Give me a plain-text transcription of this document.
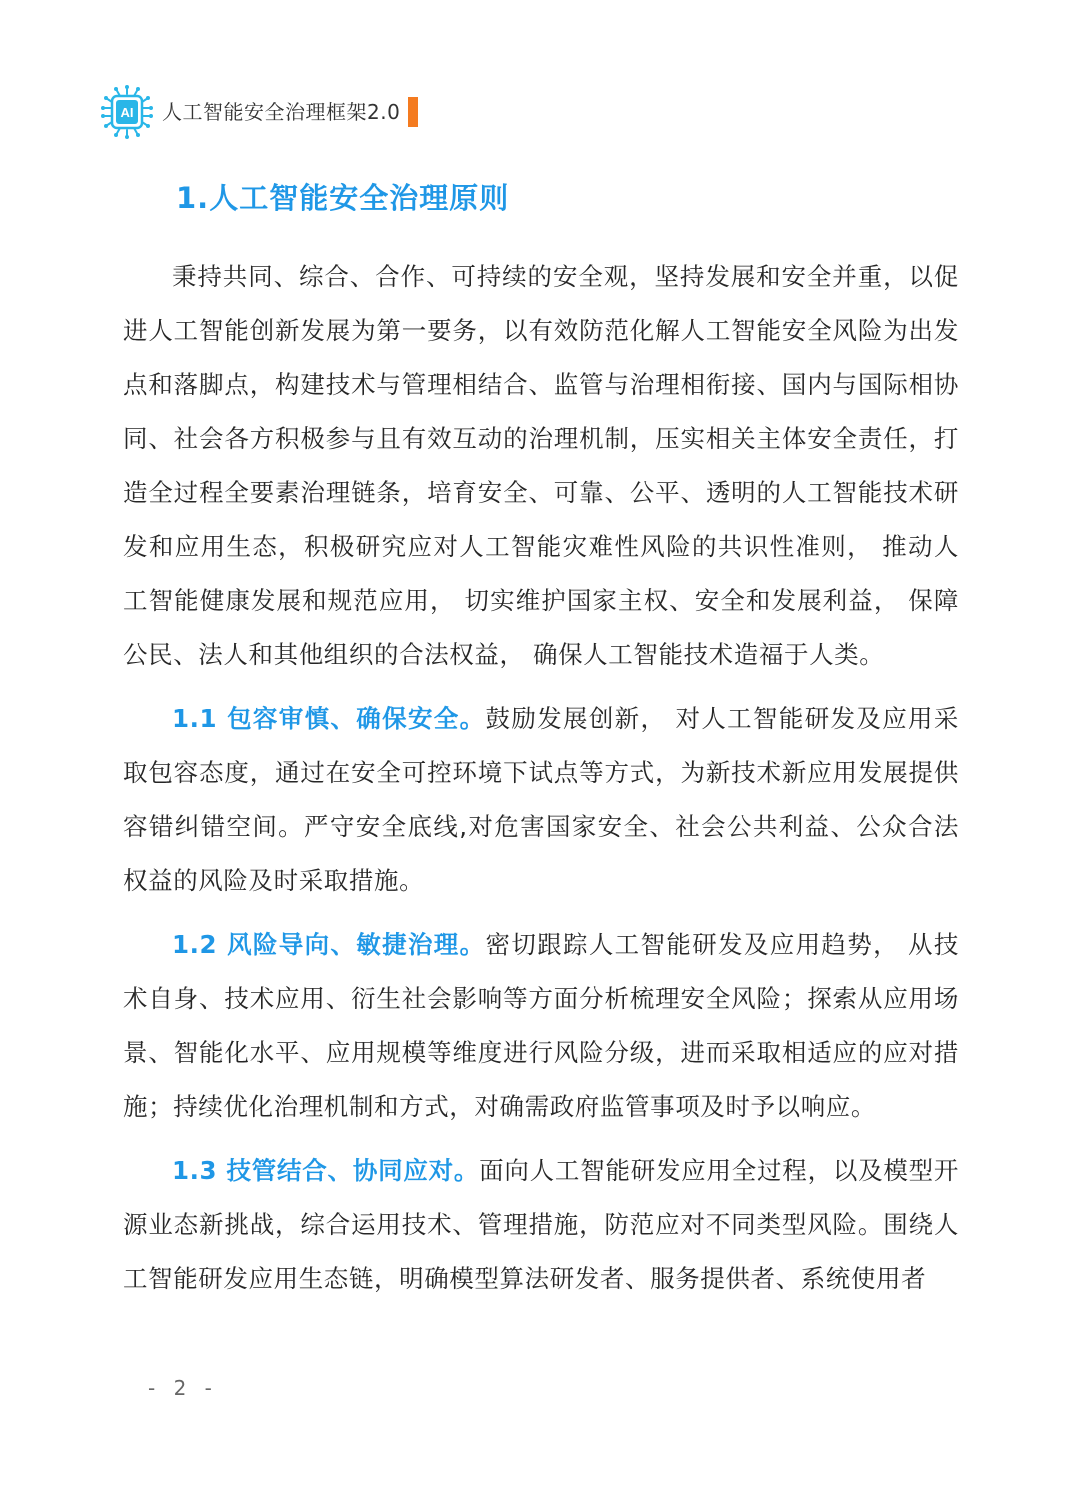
AI 人工智能安全治理框架2.0
1.人工智能安全治理原则

秉持共同、综合、合作、可持续的安全观，坚持发展和安全并重，以促进人工智能创新发展为第一要务，以有效防范化解人工智能安全风险为出发点和落脚点，构建技术与管理相结合、监管与治理相衔接、国内与国际相协同、社会各方积极参与且有效互动的治理机制，压实相关主体安全责任，打造全过程全要素治理链条，培育安全、可靠、公平、透明的人工智能技术研发和应用生态，积极研究应对人工智能灾难性风险的共识性准则， 推动人工智能健康发展和规范应用， 切实维护国家主权、安全和发展利益， 保障公民、法人和其他组织的合法权益， 确保人工智能技术造福于人类。

1.1 包容审慎、确保安全。鼓励发展创新， 对人工智能研发及应用采取包容态度，通过在安全可控环境下试点等方式，为新技术新应用发展提供容错纠错空间。严守安全底线,对危害国家安全、社会公共利益、公众合法权益的风险及时采取措施。

1.2 风险导向、敏捷治理。密切跟踪人工智能研发及应用趋势， 从技术自身、技术应用、衍生社会影响等方面分析梳理安全风险；探索从应用场景、智能化水平、应用规模等维度进行风险分级，进而采取相适应的应对措施；持续优化治理机制和方式，对确需政府监管事项及时予以响应。

1.3 技管结合、协同应对。面向人工智能研发应用全过程，以及模型开源业态新挑战，综合运用技术、管理措施，防范应对不同类型风险。围绕人工智能研发应用生态链，明确模型算法研发者、服务提供者、系统使用者

- 2 -
